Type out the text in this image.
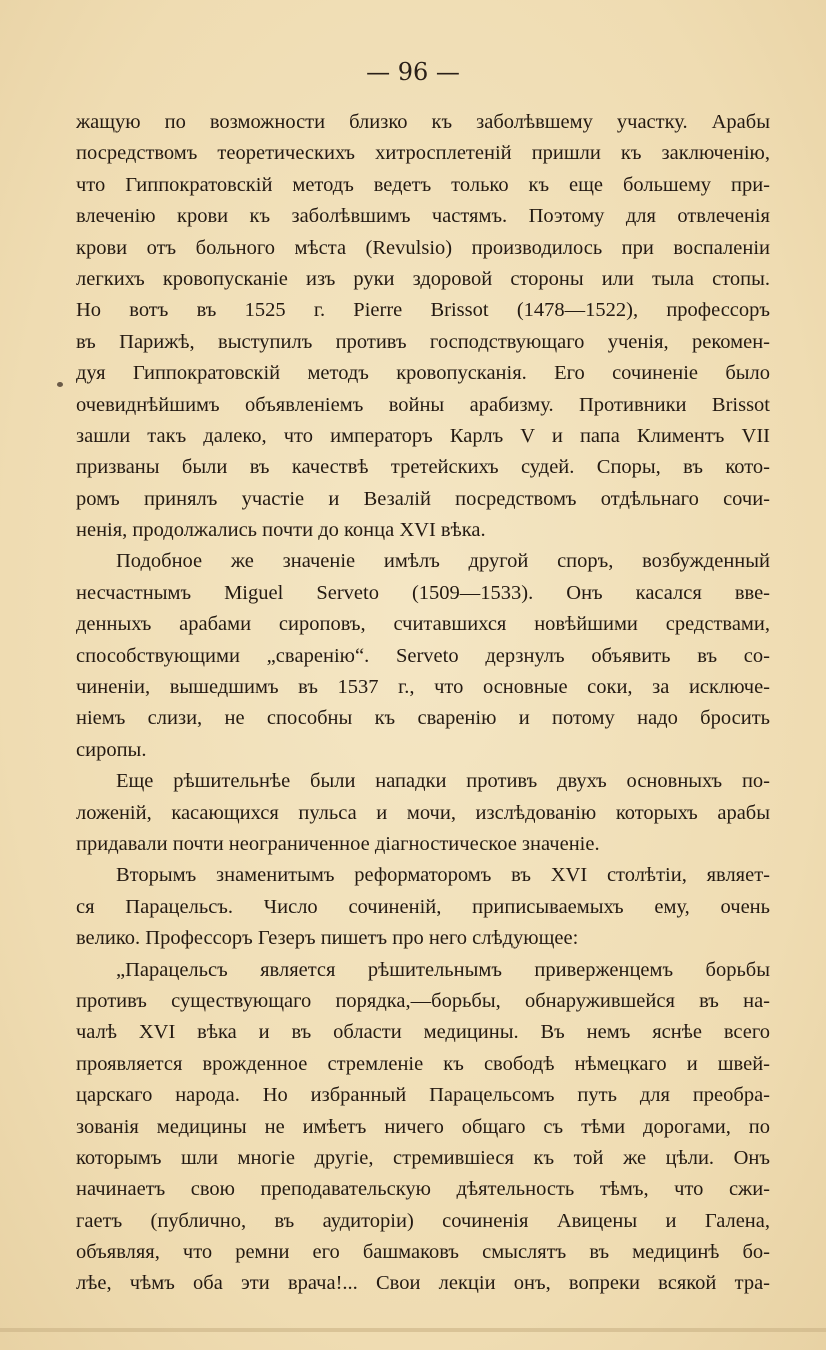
— 96 —
жащую по возможности близко къ заболѣвшему участку. Арабы
посредствомъ теоретическихъ хитросплетеній пришли къ заключенію,
что Гиппократовскій методъ ведетъ только къ еще большему при-
влеченію крови къ заболѣвшимъ частямъ. Поэтому для отвлеченія
крови отъ больного мѣста (Revulsio) производилось при воспаленіи
легкихъ кровопусканіе изъ руки здоровой стороны или тыла стопы.
Но вотъ въ 1525 г. Pierre Brissot (1478—1522), профессоръ
въ Парижѣ, выступилъ противъ господствующаго ученія, рекомен-
дуя Гиппократовскій методъ кровопусканія. Его сочиненіе было
очевиднѣйшимъ объявленіемъ войны арабизму. Противники Brissot
зашли такъ далеко, что императоръ Карлъ V и папа Климентъ VII
призваны были въ качествѣ третейскихъ судей. Споры, въ кото-
ромъ принялъ участіе и Везалій посредствомъ отдѣльнаго сочи-
ненія, продолжались почти до конца XVI вѣка.
Подобное же значеніе имѣлъ другой споръ, возбужденный
несчастнымъ Miguel Serveto (1509—1533). Онъ касался вве-
денныхъ арабами сироповъ, считавшихся новѣйшими средствами,
способствующими „свaренію“. Servetо дерзнулъ объявить въ со-
чиненіи, вышедшимъ въ 1537 г., что основные соки, за исключе-
ніемъ слизи, не способны къ сваренію и потому надо бросить
сиропы.
Еще рѣшительнѣе были нападки противъ двухъ основныхъ по-
ложеній, касающихся пульса и мочи, изслѣдованію которыхъ арабы
придавали почти неограниченное діагностическое значеніе.
Вторымъ знаменитымъ реформаторомъ въ XVI столѣтіи, являет-
ся Парацельсъ. Число сочиненій, приписываемыхъ ему, очень
велико. Профессоръ Гезеръ пишетъ про него слѣдующее:
„Парацельсъ является рѣшительнымъ приверженцемъ борьбы
противъ существующаго порядка,—борьбы, обнаружившейся въ на-
чалѣ XVI вѣка и въ области медицины. Въ немъ яснѣе всего
проявляется врожденное стремленіе къ свободѣ нѣмецкаго и швей-
царскаго народа. Но избранный Парацельсомъ путь для преобра-
зованія медицины не имѣетъ ничего общаго съ тѣми дорогами, по
которымъ шли многіе другіе, стремившіеся къ той же цѣли. Онъ
начинаетъ свою преподавательскую дѣятельность тѣмъ, что сжи-
гаетъ (публично, въ аудиторіи) сочиненія Авицены и Галена,
объявляя, что ремни его башмаковъ смыслятъ въ медицинѣ бо-
лѣе, чѣмъ оба эти врача!... Свои лекціи онъ, вопреки всякой тра-
